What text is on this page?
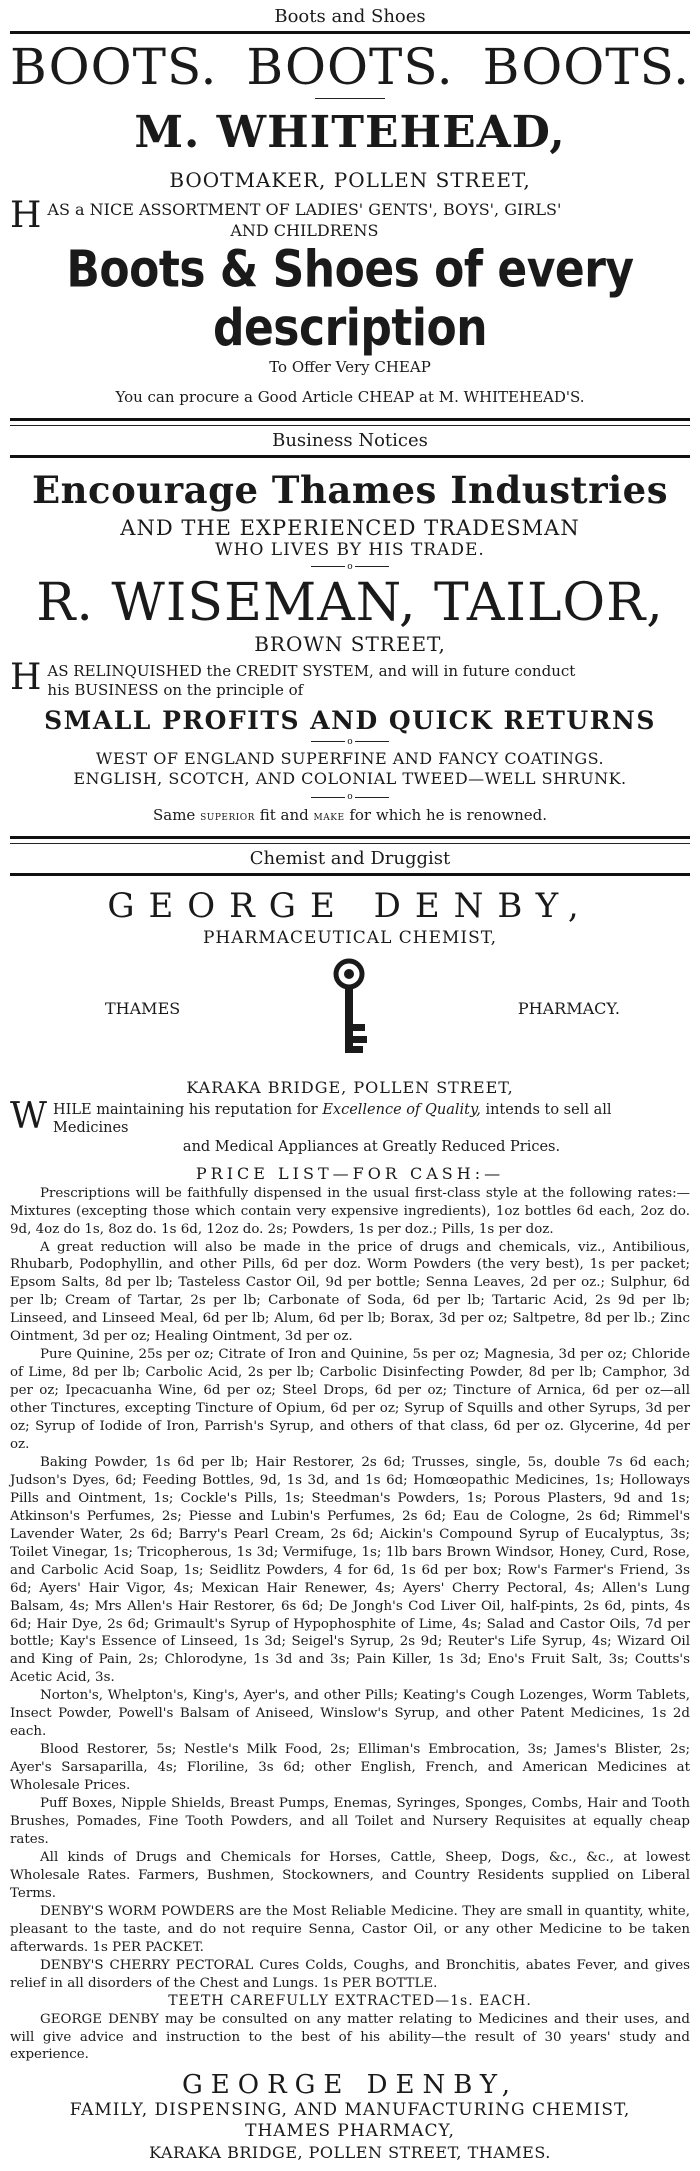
Boots and Shoes
BOOTS. BOOTS. BOOTS.
M. WHITEHEAD,
BOOTMAKER, POLLEN STREET,
H AS a NICE ASSORTMENT OF LADIES' GENTS', BOYS', GIRLS'
AND CHILDRENS
Boots & Shoes of every description
To Offer Very CHEAP
You can procure a Good Article CHEAP at M. WHITEHEAD'S.
Business Notices
Encourage Thames Industries
AND THE EXPERIENCED TRADESMAN
WHO LIVES BY HIS TRADE.
o
R. WISEMAN, TAILOR,
BROWN STREET,
H AS RELINQUISHED the CREDIT SYSTEM, and will in future conduct
his BUSINESS on the principle of
SMALL PROFITS AND QUICK RETURNS
o
WEST OF ENGLAND SUPERFINE AND FANCY COATINGS.
ENGLISH, SCOTCH, AND COLONIAL TWEED—WELL SHRUNK.
o
Same superior fit and make for which he is renowned.
Chemist and Druggist
GEORGE DENBY,
PHARMACEUTICAL CHEMIST,
THAMES	PHARMACY.
KARAKA BRIDGE, POLLEN STREET,
W HILE maintaining his reputation for Excellence of Quality, intends to sell all Medicines
and Medical Appliances at Greatly Reduced Prices.
PRICE LIST—FOR CASH:—

Prescriptions will be faithfully dispensed in the usual first-class style at the following rates:—Mixtures (excepting those which contain very expensive ingredients), 1oz bottles 6d each, 2oz do. 9d, 4oz do 1s, 8oz do. 1s 6d, 12oz do. 2s; Powders, 1s per doz.; Pills, 1s per doz.

A great reduction will also be made in the price of drugs and chemicals, viz., Antibilious, Rhubarb, Podophyllin, and other Pills, 6d per doz. Worm Powders (the very best), 1s per packet; Epsom Salts, 8d per lb; Tasteless Castor Oil, 9d per bottle; Senna Leaves, 2d per oz.; Sulphur, 6d per lb; Cream of Tartar, 2s per lb; Carbonate of Soda, 6d per lb; Tartaric Acid, 2s 9d per lb; Linseed, and Linseed Meal, 6d per lb; Alum, 6d per lb; Borax, 3d per oz; Saltpetre, 8d per lb.; Zinc Ointment, 3d per oz; Healing Ointment, 3d per oz.

Pure Quinine, 25s per oz; Citrate of Iron and Quinine, 5s per oz; Magnesia, 3d per oz; Chloride of Lime, 8d per lb; Carbolic Acid, 2s per lb; Carbolic Disinfecting Powder, 8d per lb; Camphor, 3d per oz; Ipecacuanha Wine, 6d per oz; Steel Drops, 6d per oz; Tincture of Arnica, 6d per oz—all other Tinctures, excepting Tincture of Opium, 6d per oz; Syrup of Squills and other Syrups, 3d per oz; Syrup of Iodide of Iron, Parrish's Syrup, and others of that class, 6d per oz. Glycerine, 4d per oz.

Baking Powder, 1s 6d per lb; Hair Restorer, 2s 6d; Trusses, single, 5s, double 7s 6d each; Judson's Dyes, 6d; Feeding Bottles, 9d, 1s 3d, and 1s 6d; Homœopathic Medicines, 1s; Holloways Pills and Ointment, 1s; Cockle's Pills, 1s; Steedman's Powders, 1s; Porous Plasters, 9d and 1s; Atkinson's Perfumes, 2s; Piesse and Lubin's Perfumes, 2s 6d; Eau de Cologne, 2s 6d; Rimmel's Lavender Water, 2s 6d; Barry's Pearl Cream, 2s 6d; Aickin's Compound Syrup of Eucalyptus, 3s; Toilet Vinegar, 1s; Tricopherous, 1s 3d; Vermifuge, 1s; 1lb bars Brown Windsor, Honey, Curd, Rose, and Carbolic Acid Soap, 1s; Seidlitz Powders, 4 for 6d, 1s 6d per box; Row's Farmer's Friend, 3s 6d; Ayers' Hair Vigor, 4s; Mexican Hair Renewer, 4s; Ayers' Cherry Pectoral, 4s; Allen's Lung Balsam, 4s; Mrs Allen's Hair Restorer, 6s 6d; De Jongh's Cod Liver Oil, half-pints, 2s 6d, pints, 4s 6d; Hair Dye, 2s 6d; Grimault's Syrup of Hypophosphite of Lime, 4s; Salad and Castor Oils, 7d per bottle; Kay's Essence of Linseed, 1s 3d; Seigel's Syrup, 2s 9d; Reuter's Life Syrup, 4s; Wizard Oil and King of Pain, 2s; Chlorodyne, 1s 3d and 3s; Pain Killer, 1s 3d; Eno's Fruit Salt, 3s; Coutts's Acetic Acid, 3s.

Norton's, Whelpton's, King's, Ayer's, and other Pills; Keating's Cough Lozenges, Worm Tablets, Insect Powder, Powell's Balsam of Aniseed, Winslow's Syrup, and other Patent Medicines, 1s 2d each.

Blood Restorer, 5s; Nestle's Milk Food, 2s; Elliman's Embrocation, 3s; James's Blister, 2s; Ayer's Sarsaparilla, 4s; Floriline, 3s 6d; other English, French, and American Medicines at Wholesale Prices.

Puff Boxes, Nipple Shields, Breast Pumps, Enemas, Syringes, Sponges, Combs, Hair and Tooth Brushes, Pomades, Fine Tooth Powders, and all Toilet and Nursery Requisites at equally cheap rates.

All kinds of Drugs and Chemicals for Horses, Cattle, Sheep, Dogs, &c., &c., at lowest Wholesale Rates. Farmers, Bushmen, Stockowners, and Country Residents supplied on Liberal Terms.

DENBY'S WORM POWDERS are the Most Reliable Medicine. They are small in quantity, white, pleasant to the taste, and do not require Senna, Castor Oil, or any other Medicine to be taken afterwards. 1s PER PACKET.

DENBY'S CHERRY PECTORAL Cures Colds, Coughs, and Bronchitis, abates Fever, and gives relief in all disorders of the Chest and Lungs. 1s PER BOTTLE.

TEETH CAREFULLY EXTRACTED—1s. EACH.

GEORGE DENBY may be consulted on any matter relating to Medicines and their uses, and will give advice and instruction to the best of his ability—the result of 30 years' study and experience.

GEORGE DENBY,
FAMILY, DISPENSING, AND MANUFACTURING CHEMIST,
THAMES PHARMACY,
KARAKA BRIDGE, POLLEN STREET, THAMES.
